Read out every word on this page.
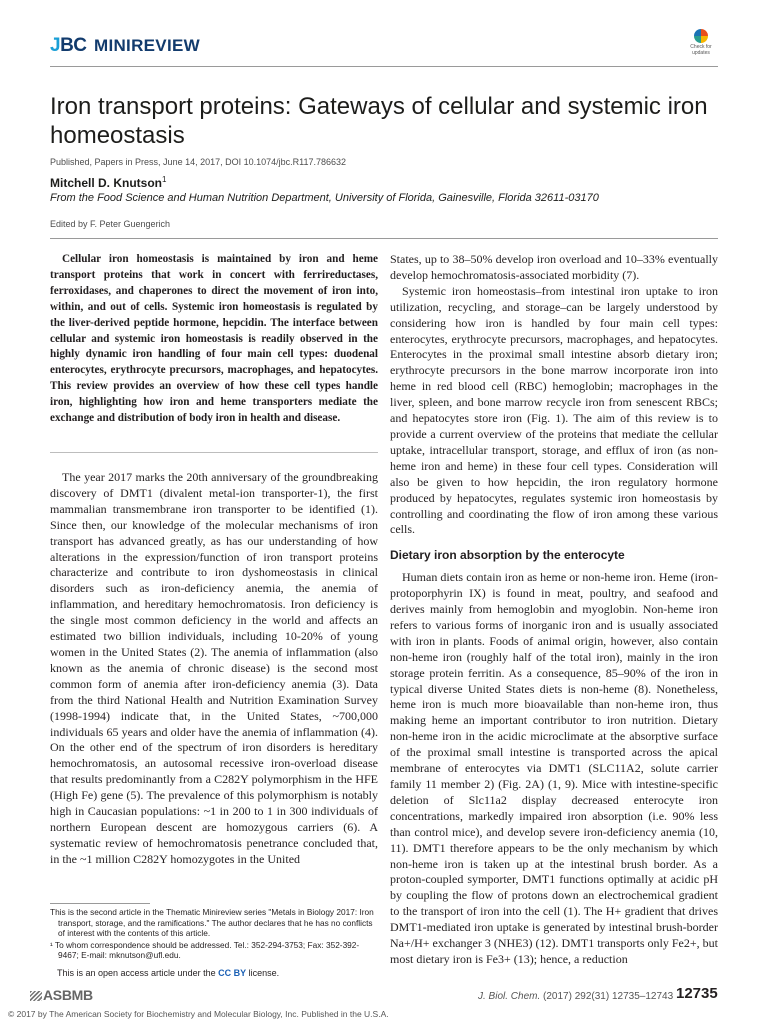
JBC MINIREVIEW	Check for updates
Iron transport proteins: Gateways of cellular and systemic iron homeostasis
Published, Papers in Press, June 14, 2017, DOI 10.1074/jbc.R117.786632
Mitchell D. Knutson$^1$
From the Food Science and Human Nutrition Department, University of Florida, Gainesville, Florida 32611-03170
Edited by F. Peter Guengerich

Cellular iron homeostasis is maintained by iron and heme transport proteins that work in concert with ferrireductases, ferroxidases, and chaperones to direct the movement of iron into, within, and out of cells. Systemic iron homeostasis is regulated by the liver-derived peptide hormone, hepcidin. The interface between cellular and systemic iron homeostasis is readily observed in the highly dynamic iron handling of four main cell types: duodenal enterocytes, erythrocyte precursors, macrophages, and hepatocytes. This review provides an overview of how these cell types handle iron, highlighting how iron and heme transporters mediate the exchange and distribution of body iron in health and disease.

The year 2017 marks the 20th anniversary of the groundbreaking discovery of DMT1 (divalent metal-ion transporter-1), the first mammalian transmembrane iron transporter to be identified (1). Since then, our knowledge of the molecular mechanisms of iron transport has advanced greatly, as has our understanding of how alterations in the expression/function of iron transport proteins characterize and contribute to iron dyshomeostasis in clinical disorders such as iron-deficiency anemia, the anemia of inflammation, and hereditary hemochromatosis. Iron deficiency is the single most common deficiency in the world and affects an estimated two billion individuals, including 10-20% of young women in the United States (2). The anemia of inflammation (also known as the anemia of chronic disease) is the second most common form of anemia after iron-deficiency anemia (3). Data from the third National Health and Nutrition Examination Survey (1998-1994) indicate that, in the United States, ~700,000 individuals 65 years and older have the anemia of inflammation (4). On the other end of the spectrum of iron disorders is hereditary hemochromatosis, an autosomal recessive iron-overload disease that results predominantly from a C282Y polymorphism in the HFE (High Fe) gene (5). The prevalence of this polymorphism is notably high in Caucasian populations: ~1 in 200 to 1 in 300 individuals of northern European descent are homozygous carriers (6). A systematic review of hemochromatosis penetrance concluded that, in the ~1 million C282Y homozygotes in the United

States, up to 38–50% develop iron overload and 10–33% eventually develop hemochromatosis-associated morbidity (7).

Systemic iron homeostasis–from intestinal iron uptake to iron utilization, recycling, and storage–can be largely understood by considering how iron is handled by four main cell types: enterocytes, erythrocyte precursors, macrophages, and hepatocytes. Enterocytes in the proximal small intestine absorb dietary iron; erythrocyte precursors in the bone marrow incorporate iron into heme in red blood cell (RBC) hemoglobin; macrophages in the liver, spleen, and bone marrow recycle iron from senescent RBCs; and hepatocytes store iron (Fig. 1). The aim of this review is to provide a current overview of the proteins that mediate the cellular uptake, intracellular transport, storage, and efflux of iron (as non-heme iron and heme) in these four cell types. Consideration will also be given to how hepcidin, the iron regulatory hormone produced by hepatocytes, regulates systemic iron homeostasis by controlling and coordinating the flow of iron among these various cells.

Dietary iron absorption by the enterocyte

Human diets contain iron as heme or non-heme iron. Heme (iron-protoporphyrin IX) is found in meat, poultry, and seafood and derives mainly from hemoglobin and myoglobin. Non-heme iron refers to various forms of inorganic iron and is usually associated with iron in plants. Foods of animal origin, however, also contain non-heme iron (roughly half of the total iron), mainly in the iron storage protein ferritin. As a consequence, 85–90% of the iron in typical diverse United States diets is non-heme (8). Nonetheless, heme iron is much more bioavailable than non-heme iron, thus making heme an important contributor to iron nutrition. Dietary non-heme iron in the acidic microclimate at the absorptive surface of the proximal small intestine is transported across the apical membrane of enterocytes via DMT1 (SLC11A2, solute carrier family 11 member 2) (Fig. 2A) (1, 9). Mice with intestine-specific deletion of Slc11a2 display decreased enterocyte iron concentrations, markedly impaired iron absorption (i.e. 90% less than control mice), and develop severe iron-deficiency anemia (10, 11). DMT1 therefore appears to be the only mechanism by which non-heme iron is taken up at the intestinal brush border. As a proton-coupled symporter, DMT1 functions optimally at acidic pH by coupling the flow of protons down an electrochemical gradient to the transport of iron into the cell (1). The H+ gradient that drives DMT1-mediated iron uptake is generated by intestinal brush-border Na+/H+ exchanger 3 (NHE3) (12). DMT1 transports only Fe2+, but most dietary iron is Fe3+ (13); hence, a reduction

This is the second article in the Thematic Minireview series "Metals in Biology 2017: Iron transport, storage, and the ramifications." The author declares that he has no conflicts of interest with the contents of this article.

¹ To whom correspondence should be addressed. Tel.: 352-294-3753; Fax: 352-392-9467; E-mail: mknutson@ufl.edu.

This is an open access article under the CC BY license.
ASBMB	J. Biol. Chem. (2017) 292(31) 12735–12743 12735
© 2017 by The American Society for Biochemistry and Molecular Biology, Inc. Published in the U.S.A.
